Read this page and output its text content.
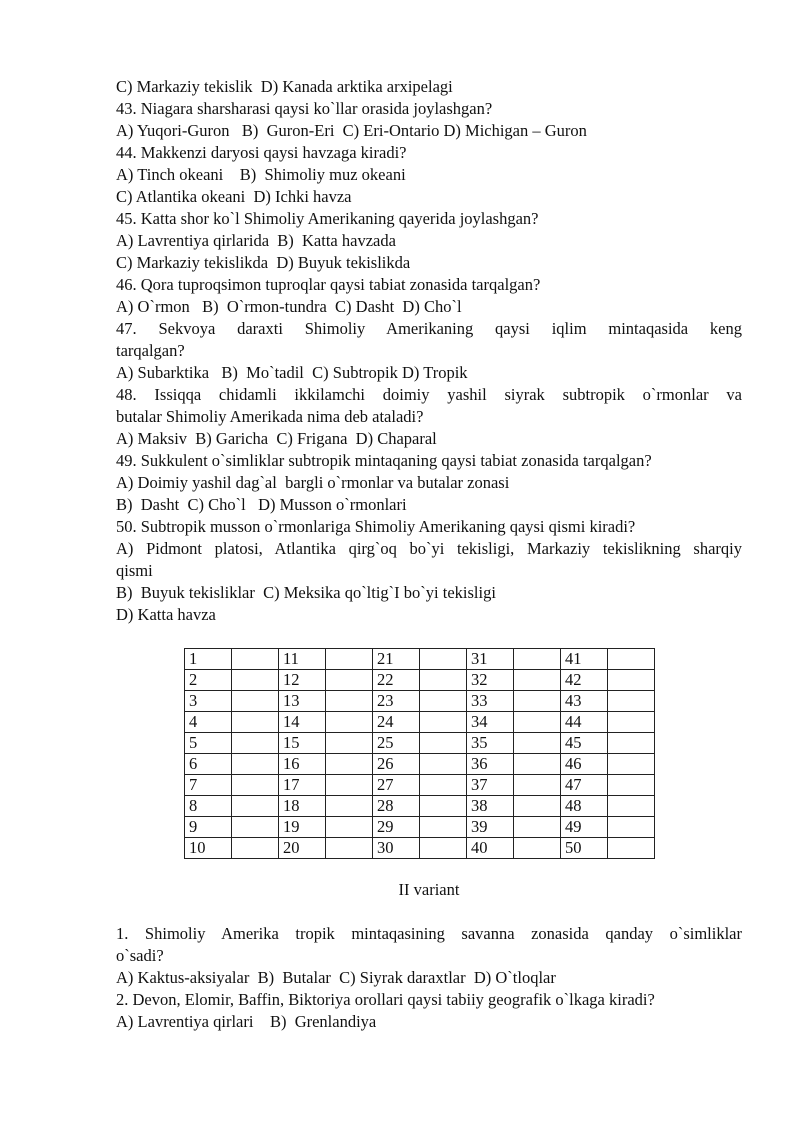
C) Markaziy tekislik  D) Kanada arktika arxipelagi
43. Niagara sharsharasi qaysi ko`llar orasida joylashgan?
A) Yuqori-Guron   B)  Guron-Eri  C) Eri-Ontario D) Michigan – Guron
44. Makkenzi daryosi qaysi havzaga kiradi?
A) Tinch okeani    B)  Shimoliy muz okeani
C) Atlantika okeani  D) Ichki havza
45. Katta shor ko`l Shimoliy Amerikaning qayerida joylashgan?
A) Lavrentiya qirlarida  B)  Katta havzada
C) Markaziy tekislikda  D) Buyuk tekislikda
46. Qora tuproqsimon tuproqlar qaysi tabiat zonasida tarqalgan?
A) O`rmon   B)  O`rmon-tundra  C) Dasht  D) Cho`l
47. Sekvoya daraxti Shimoliy Amerikaning qaysi iqlim mintaqasida keng
tarqalgan?
A) Subarktika   B)  Mo`tadil  C) Subtropik D) Tropik
48. Issiqqa chidamli ikkilamchi doimiy yashil siyrak subtropik o`rmonlar va
butalar Shimoliy Amerikada nima deb ataladi?
A) Maksiv  B) Garicha  C) Frigana  D) Chaparal
49. Sukkulent o`simliklar subtropik mintaqaning qaysi tabiat zonasida tarqalgan?
A) Doimiy yashil dag`al  bargli o`rmonlar va butalar zonasi
B)  Dasht  C) Cho`l   D) Musson o`rmonlari
50. Subtropik musson o`rmonlariga Shimoliy Amerikaning qaysi qismi kiradi?
A) Pidmont platosi, Atlantika qirg`oq bo`yi tekisligi, Markaziy tekislikning sharqiy
qismi
B)  Buyuk tekisliklar  C) Meksika qo`ltig`I bo`yi tekisligi
D) Katta havza
1		11		21		31		41	
2		12		22		32		42	
3		13		23		33		43	
4		14		24		34		44	
5		15		25		35		45	
6		16		26		36		46	
7		17		27		37		47	
8		18		28		38		48	
9		19		29		39		49	
10		20		30		40		50	
II variant
1. Shimoliy Amerika tropik mintaqasining savanna zonasida qanday o`simliklar
o`sadi?
A) Kaktus-aksiyalar  B)  Butalar  C) Siyrak daraxtlar  D) O`tloqlar
2. Devon, Elomir, Baffin, Biktoriya orollari qaysi tabiiy geografik o`lkaga kiradi?
A) Lavrentiya qirlari    B)  Grenlandiya
